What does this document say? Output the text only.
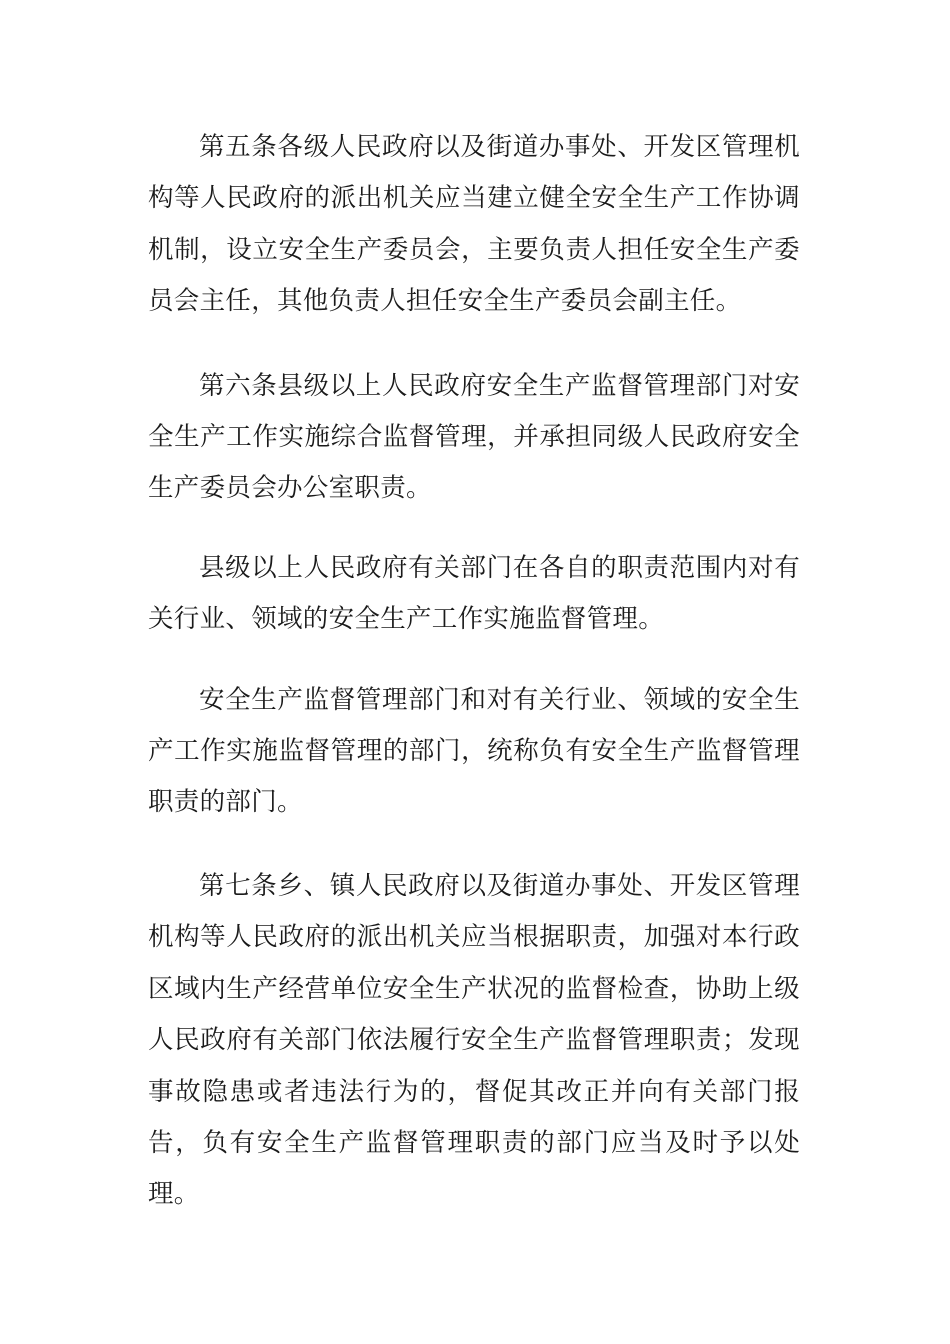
第五条各级人民政府以及街道办事处、开发区管理机构等人民政府的派出机关应当建立健全安全生产工作协调机制，设立安全生产委员会，主要负责人担任安全生产委员会主任，其他负责人担任安全生产委员会副主任。

第六条县级以上人民政府安全生产监督管理部门对安全生产工作实施综合监督管理，并承担同级人民政府安全生产委员会办公室职责。

县级以上人民政府有关部门在各自的职责范围内对有关行业、领域的安全生产工作实施监督管理。

安全生产监督管理部门和对有关行业、领域的安全生产工作实施监督管理的部门，统称负有安全生产监督管理职责的部门。

第七条乡、镇人民政府以及街道办事处、开发区管理机构等人民政府的派出机关应当根据职责，加强对本行政区域内生产经营单位安全生产状况的监督检查，协助上级人民政府有关部门依法履行安全生产监督管理职责；发现事故隐患或者违法行为的，督促其改正并向有关部门报告，负有安全生产监督管理职责的部门应当及时予以处理。
